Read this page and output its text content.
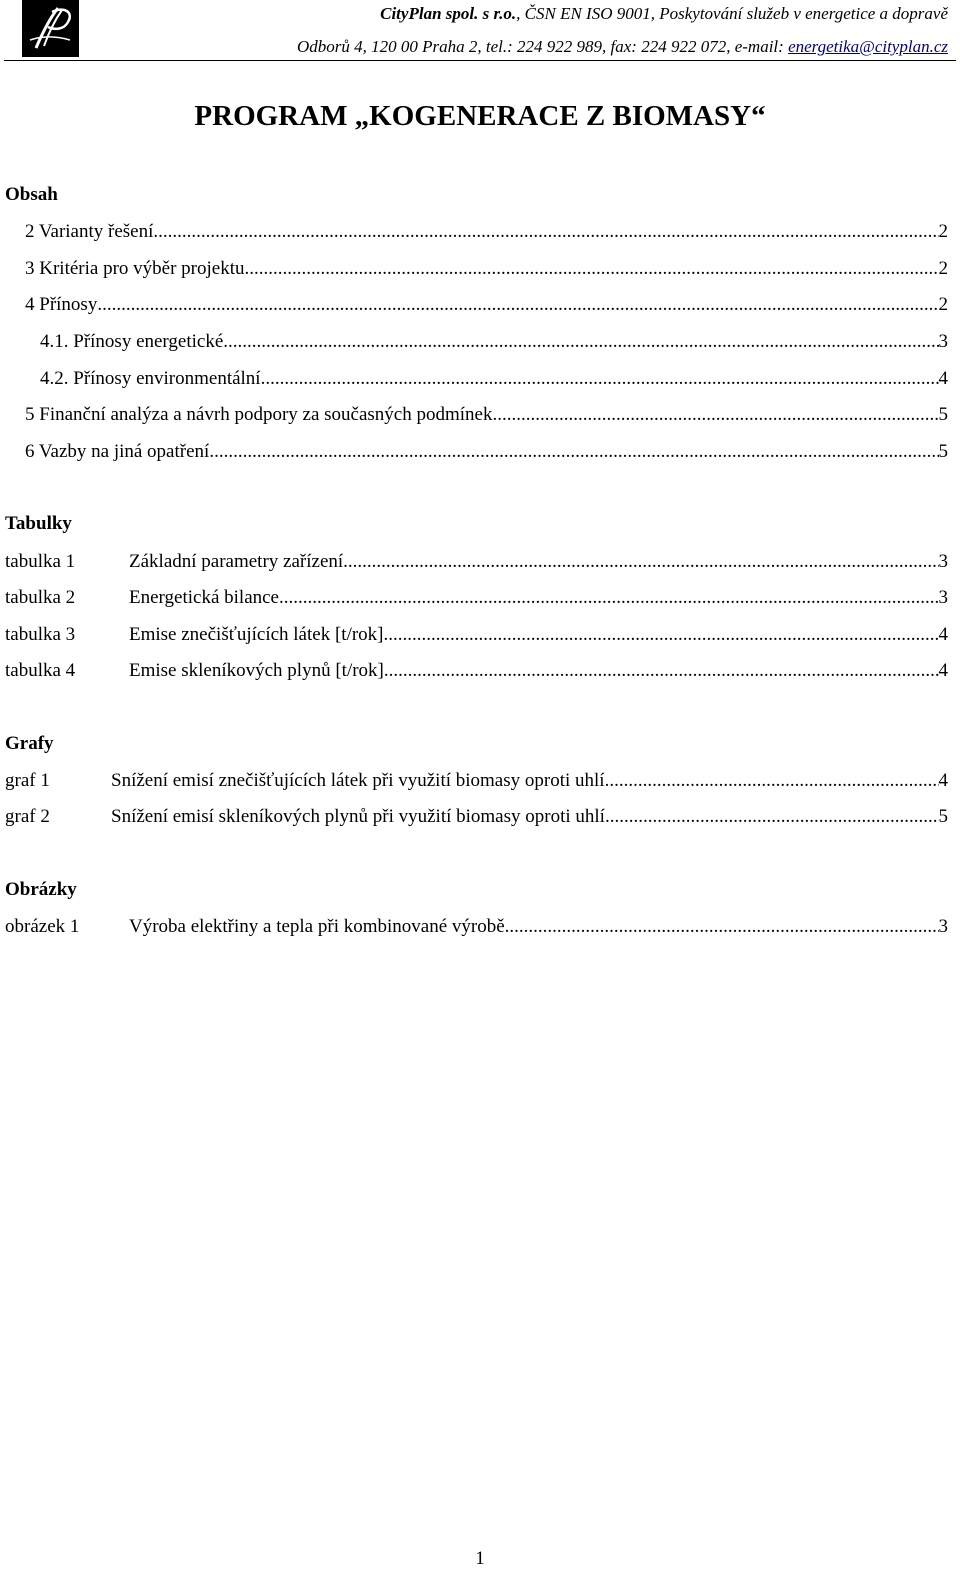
CityPlan spol. s r.o., ČSN EN ISO 9001, Poskytování služeb v energetice a dopravě
Odborů 4, 120 00 Praha 2, tel.: 224 922 989, fax: 224 922 072, e-mail: energetika@cityplan.cz
PROGRAM „KOGENERACE Z BIOMASY“
Obsah
2 Varianty řešení .....	2
3 Kritéria pro výběr projektu .....	2
4 Přínosy .....	2
4.1. Přínosy energetické .....	3
4.2. Přínosy environmentální .....	4
5 Finanční analýza a návrh podpory za současných podmínek .....	5
6 Vazby na jiná opatření .....	5
Tabulky
tabulka 1	Základní parametry zařízení .....	3
tabulka 2	Energetická bilance .....	3
tabulka 3	Emise znečišťujících látek [t/rok] .....	4
tabulka 4	Emise skleníkových plynů [t/rok] .....	4
Grafy
graf 1	Snížení emisí znečišťujících látek při využití biomasy oproti uhlí .....	4
graf 2	Snížení emisí skleníkových plynů při využití biomasy oproti uhlí .....	5
Obrázky
obrázek 1	Výroba elektřiny a tepla při kombinované výrobě .....	3
1
